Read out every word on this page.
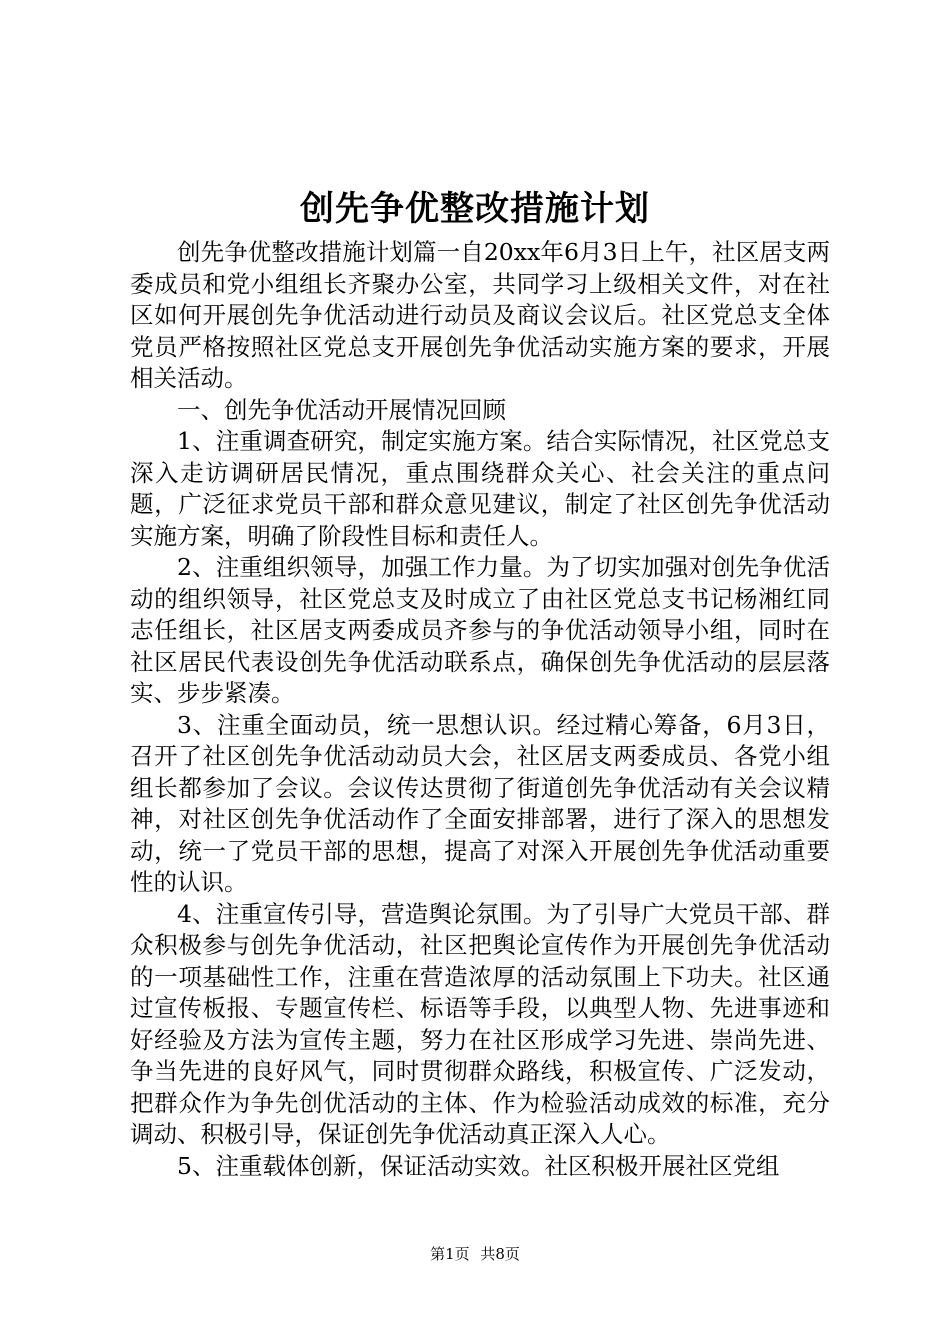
创先争优整改措施计划

创先争优整改措施计划篇一自20xx年6月3日上午，社区居支两委成员和党小组组长齐聚办公室，共同学习上级相关文件，对在社区如何开展创先争优活动进行动员及商议会议后。社区党总支全体党员严格按照社区党总支开展创先争优活动实施方案的要求，开展相关活动。

一、创先争优活动开展情况回顾

1、注重调查研究，制定实施方案。结合实际情况，社区党总支深入走访调研居民情况，重点围绕群众关心、社会关注的重点问题，广泛征求党员干部和群众意见建议，制定了社区创先争优活动实施方案，明确了阶段性目标和责任人。

2、注重组织领导，加强工作力量。为了切实加强对创先争优活动的组织领导，社区党总支及时成立了由社区党总支书记杨湘红同志任组长，社区居支两委成员齐参与的争优活动领导小组，同时在社区居民代表设创先争优活动联系点，确保创先争优活动的层层落实、步步紧凑。

3、注重全面动员，统一思想认识。经过精心筹备，6月3日，召开了社区创先争优活动动员大会，社区居支两委成员、各党小组组长都参加了会议。会议传达贯彻了街道创先争优活动有关会议精神，对社区创先争优活动作了全面安排部署，进行了深入的思想发动，统一了党员干部的思想，提高了对深入开展创先争优活动重要性的认识。

4、注重宣传引导，营造舆论氛围。为了引导广大党员干部、群众积极参与创先争优活动，社区把舆论宣传作为开展创先争优活动的一项基础性工作，注重在营造浓厚的活动氛围上下功夫。社区通过宣传板报、专题宣传栏、标语等手段，以典型人物、先进事迹和好经验及方法为宣传主题，努力在社区形成学习先进、崇尚先进、争当先进的良好风气，同时贯彻群众路线，积极宣传、广泛发动，把群众作为争先创优活动的主体、作为检验活动成效的标准，充分调动、积极引导，保证创先争优活动真正深入人心。

5、注重载体创新，保证活动实效。社区积极开展社区党组

第1页 共8页
